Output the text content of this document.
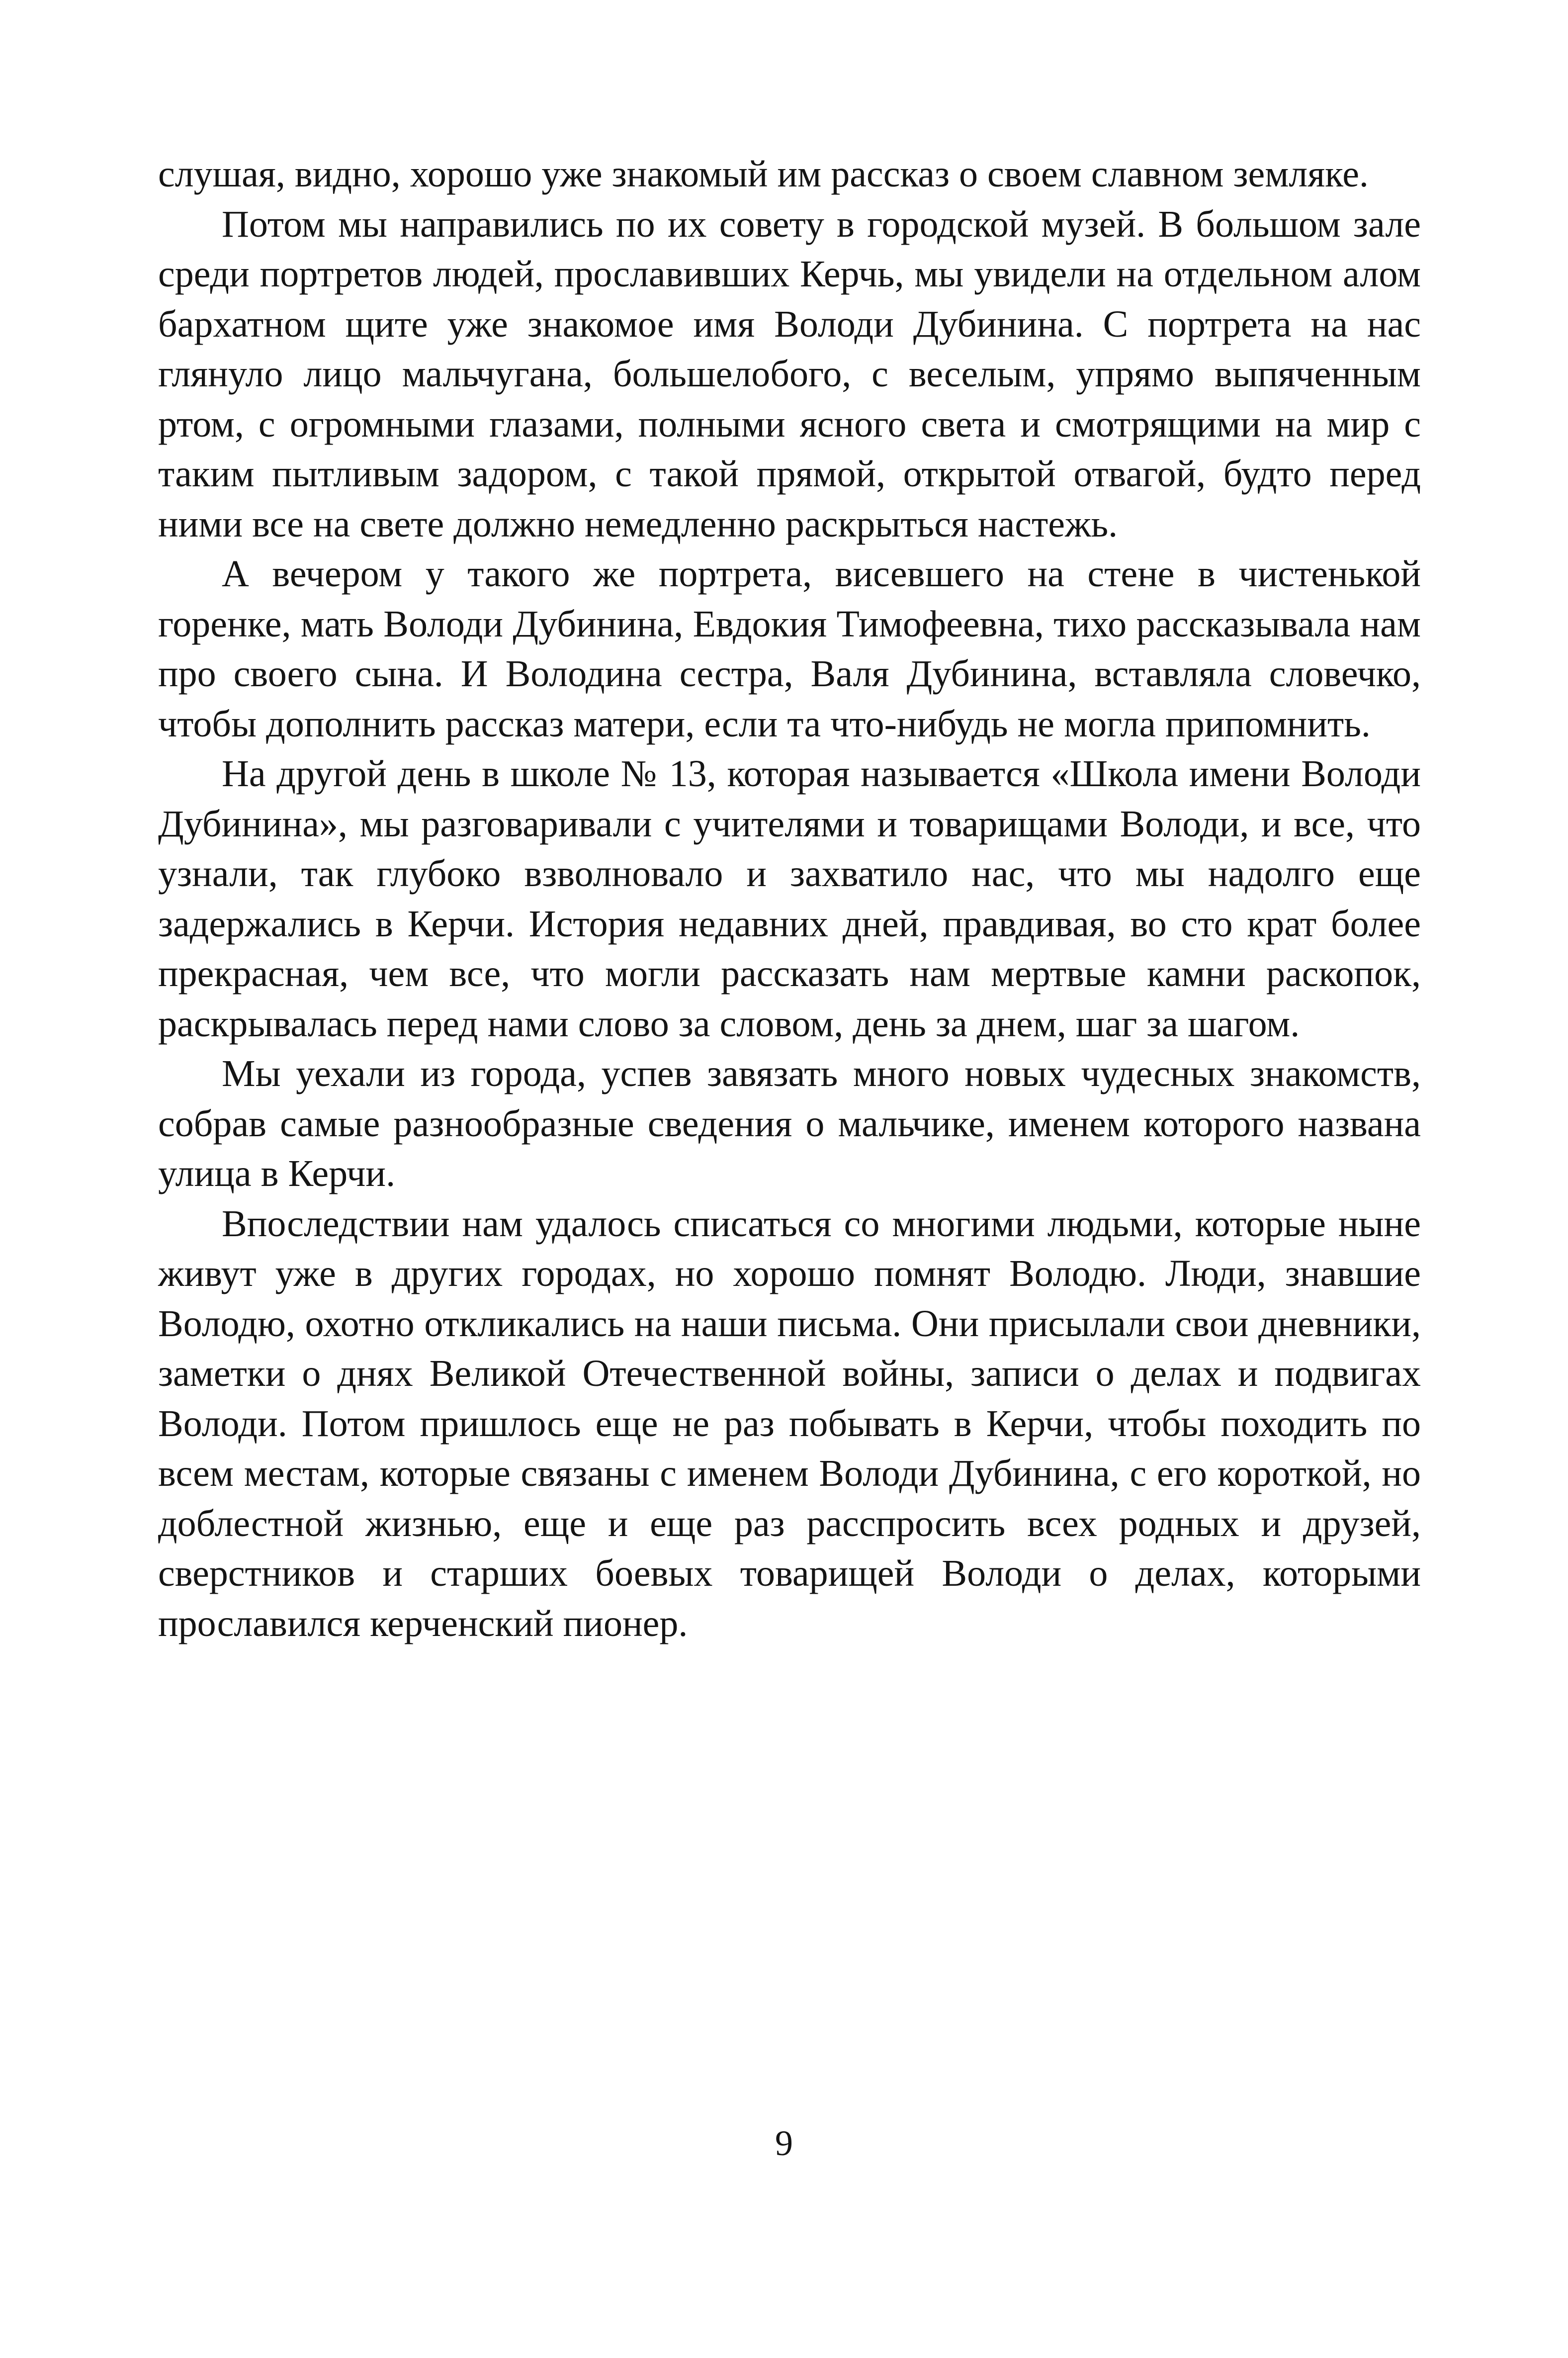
слушая, видно, хорошо уже знакомый им рассказ о своем славном земляке.

Потом мы направились по их совету в городской музей. В большом зале среди портретов людей, прославивших Керчь, мы увидели на отдельном алом бархатном щите уже знакомое имя Володи Дубинина. С портрета на нас глянуло лицо мальчугана, большелобого, с веселым, упрямо выпяченным ртом, с огромными глазами, полными ясного света и смотрящими на мир с таким пытливым задором, с такой прямой, открытой отвагой, будто перед ними все на свете должно немедленно раскрыться настежь.

А вечером у такого же портрета, висевшего на стене в чистенькой горенке, мать Володи Дубинина, Евдокия Тимофеевна, тихо рассказывала нам про своего сына. И Володина сестра, Валя Дубинина, вставляла словечко, чтобы дополнить рассказ матери, если та что-нибудь не могла припомнить.

На другой день в школе № 13, которая называется «Школа имени Володи Дубинина», мы разговаривали с учителями и товарищами Володи, и все, что узнали, так глубоко взволновало и захватило нас, что мы надолго еще задержались в Керчи. История недавних дней, правдивая, во сто крат более прекрасная, чем все, что могли рассказать нам мертвые камни раскопок, раскрывалась перед нами слово за словом, день за днем, шаг за шагом.

Мы уехали из города, успев завязать много новых чудесных знакомств, собрав самые разнообразные сведения о мальчике, именем которого названа улица в Керчи.

Впоследствии нам удалось списаться со многими людьми, которые ныне живут уже в других городах, но хорошо помнят Володю. Люди, знавшие Володю, охотно откликались на наши письма. Они присылали свои дневники, заметки о днях Великой Отечественной войны, записи о делах и подвигах Володи. Потом пришлось еще не раз побывать в Керчи, чтобы походить по всем местам, которые связаны с именем Володи Дубинина, с его короткой, но доблестной жизнью, еще и еще раз расспросить всех родных и друзей, сверстников и старших боевых товарищей Володи о делах, которыми прославился керченский пионер.

9
